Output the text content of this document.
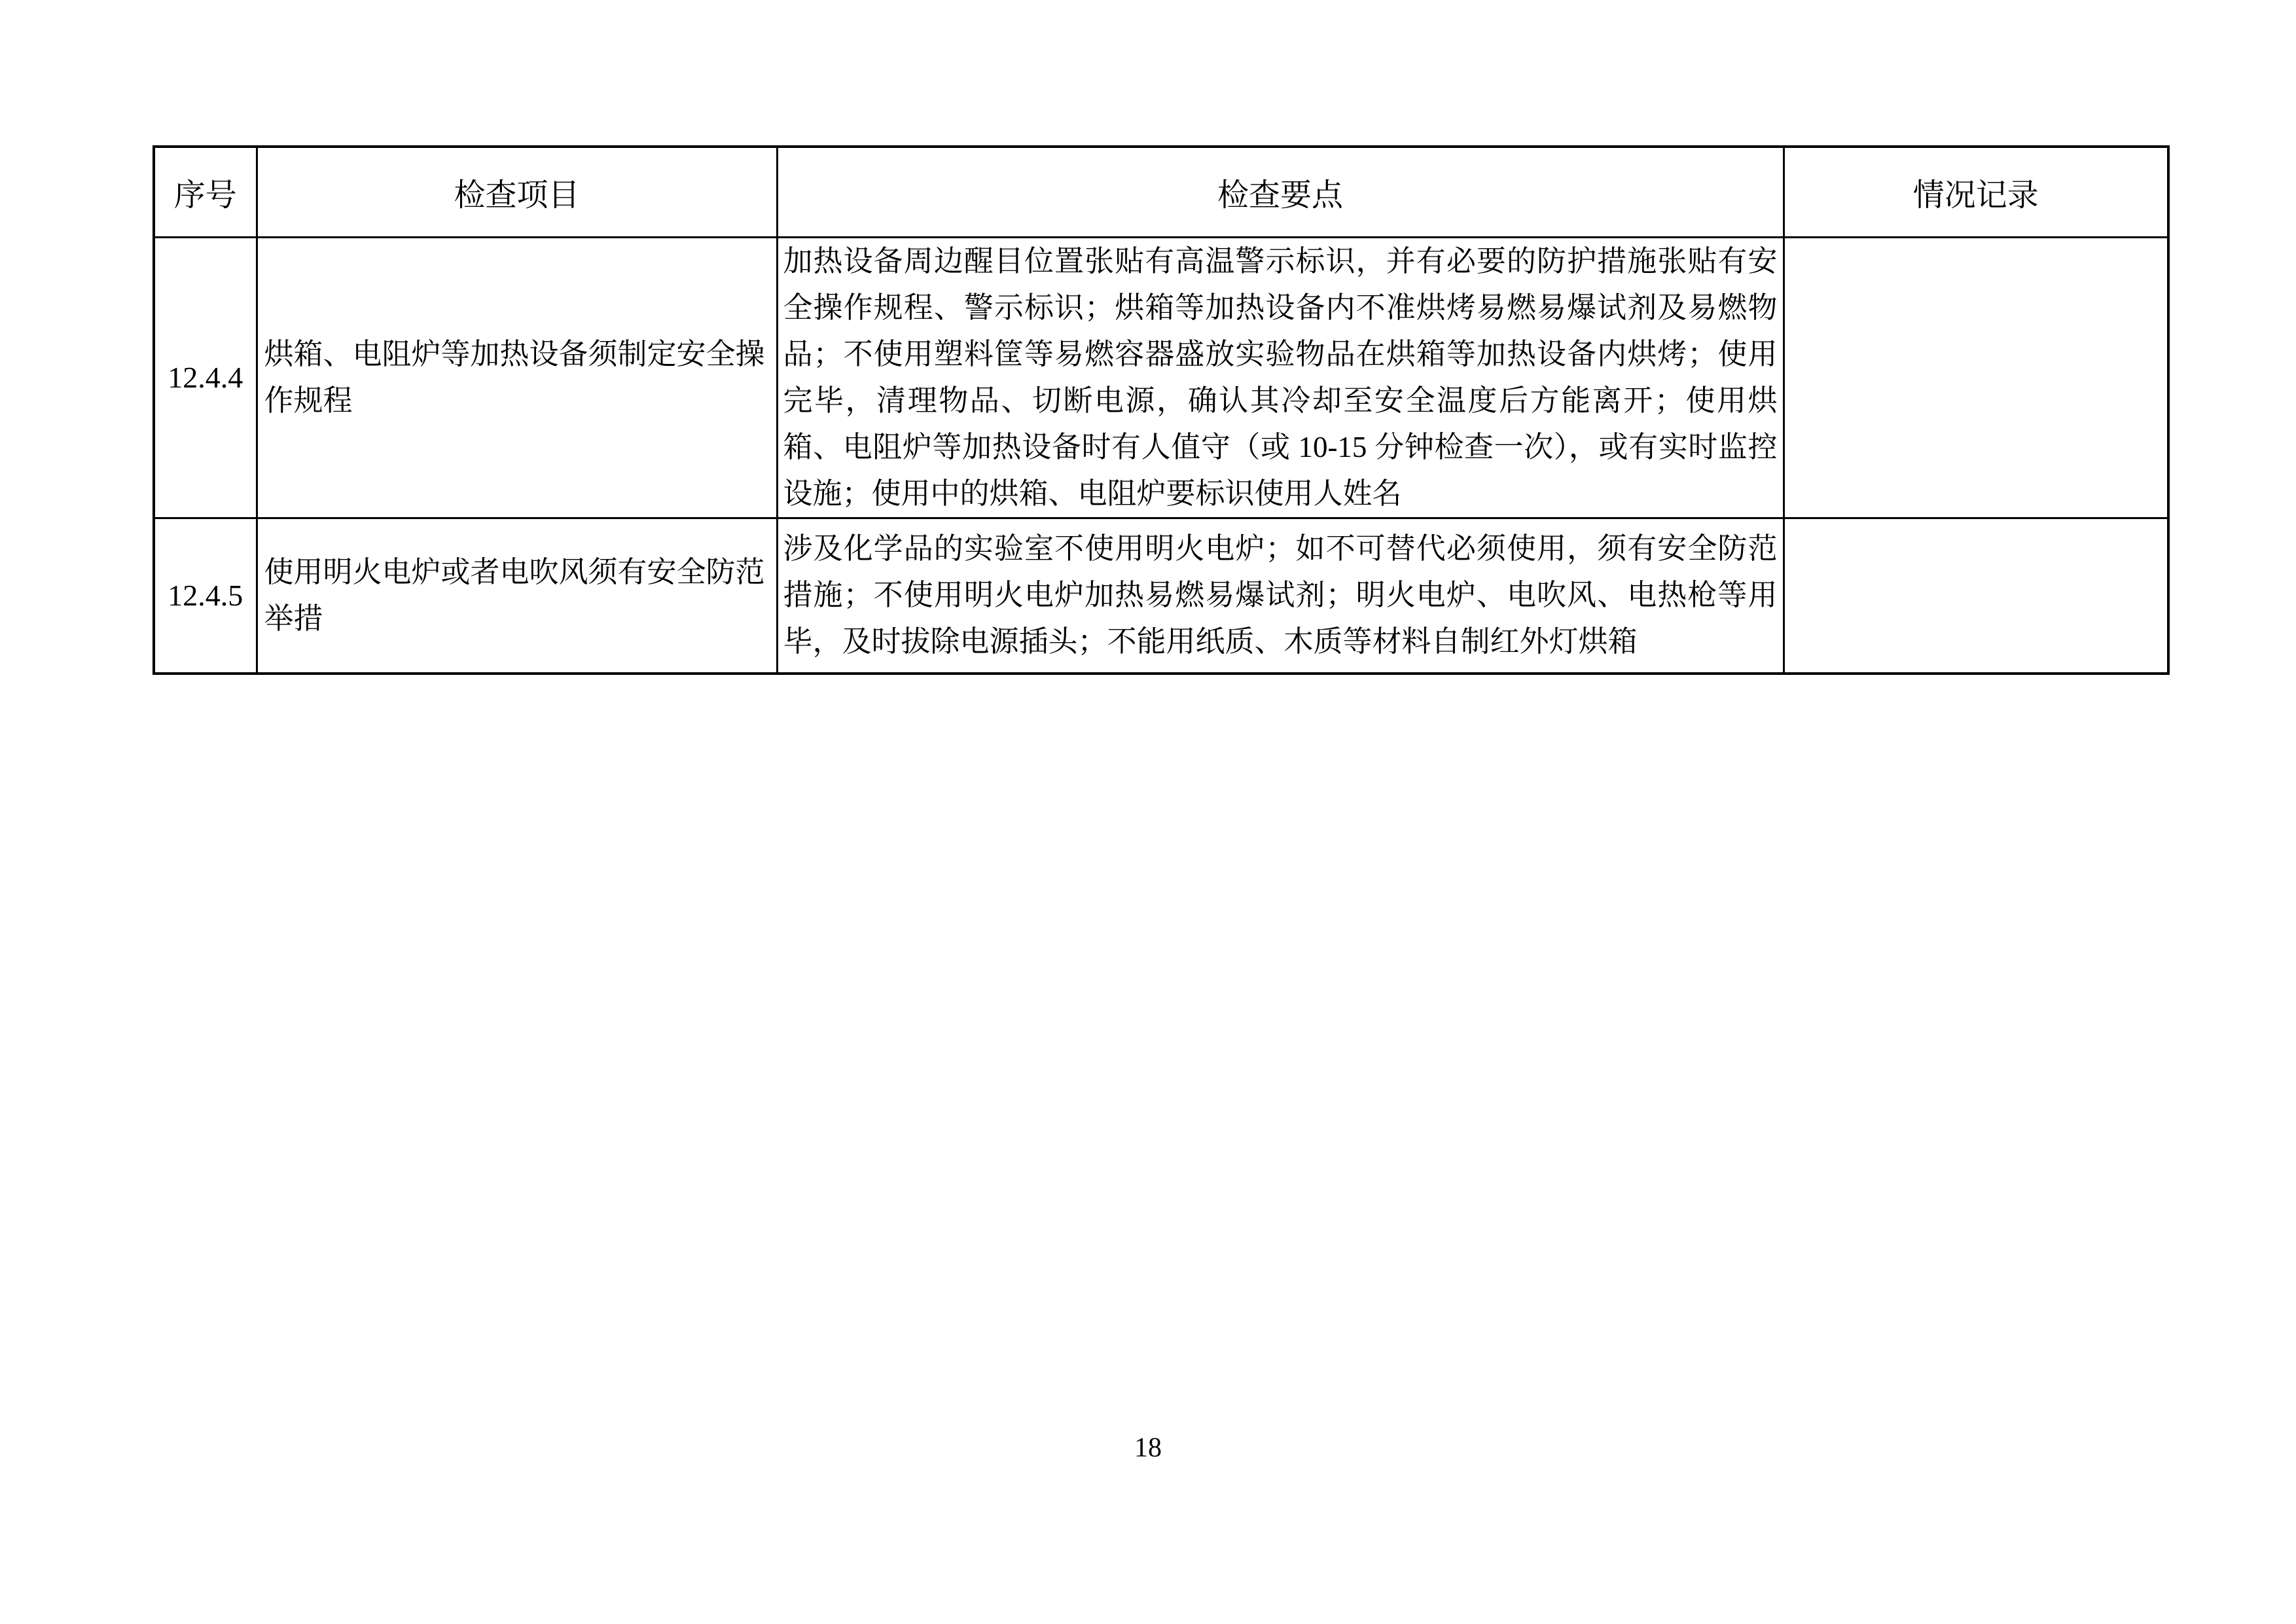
序号	检查项目	检查要点	情况记录
12.4.4	烘箱、电阻炉等加热设备须制定安全操作规程	加热设备周边醒目位置张贴有高温警示标识，并有必要的防护措施张贴有安全操作规程、警示标识；烘箱等加热设备内不准烘烤易燃易爆试剂及易燃物品；不使用塑料筐等易燃容器盛放实验物品在烘箱等加热设备内烘烤；使用完毕，清理物品、切断电源，确认其冷却至安全温度后方能离开；使用烘箱、电阻炉等加热设备时有人值守（或 10-15 分钟检查一次），或有实时监控设施；使用中的烘箱、电阻炉要标识使用人姓名	
12.4.5	使用明火电炉或者电吹风须有安全防范举措	涉及化学品的实验室不使用明火电炉；如不可替代必须使用，须有安全防范措施；不使用明火电炉加热易燃易爆试剂；明火电炉、电吹风、电热枪等用毕，及时拔除电源插头；不能用纸质、木质等材料自制红外灯烘箱	
18
